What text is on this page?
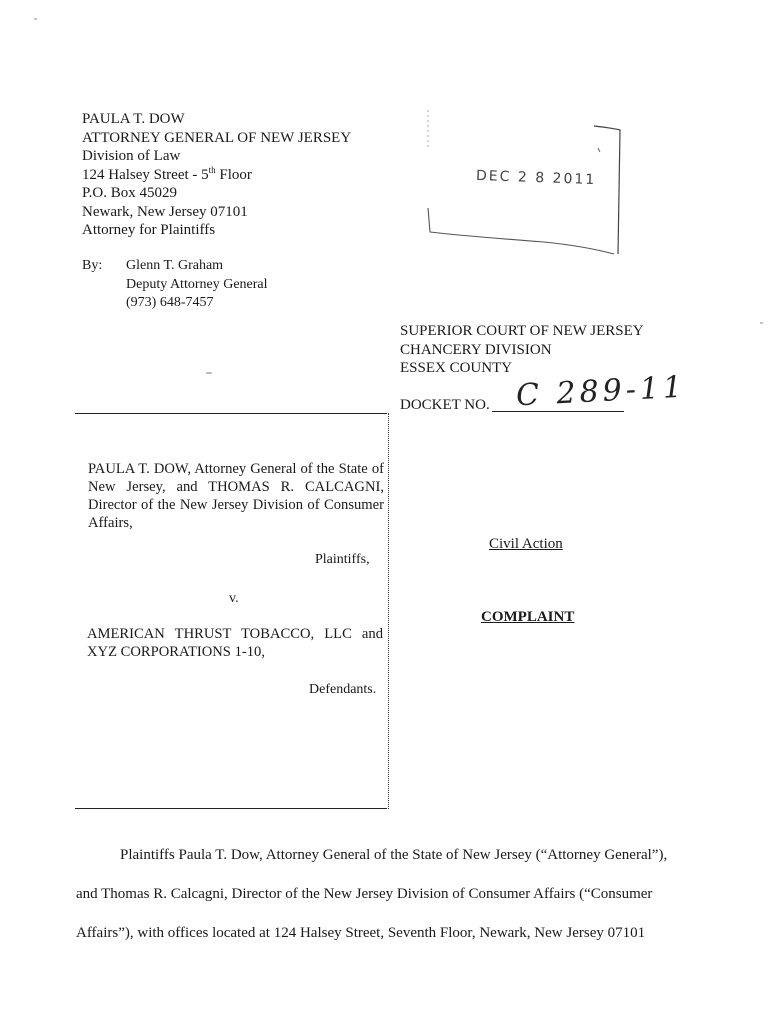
PAULA T. DOW
ATTORNEY GENERAL OF NEW JERSEY
Division of Law
124 Halsey Street - 5th Floor
P.O. Box 45029
Newark, New Jersey 07101
Attorney for Plaintiffs
DEC 2 8 2011
By: Glenn T. Graham
Deputy Attorney General
(973) 648-7457
SUPERIOR COURT OF NEW JERSEY
CHANCERY DIVISION
ESSEX COUNTY
DOCKET NO. C 289-11
PAULA T. DOW, Attorney General of the State of New Jersey, and THOMAS R. CALCAGNI, Director of the New Jersey Division of Consumer Affairs,
Plaintiffs,
v.
AMERICAN THRUST TOBACCO, LLC and XYZ CORPORATIONS 1-10,
Defendants.
Civil Action
COMPLAINT
Plaintiffs Paula T. Dow, Attorney General of the State of New Jersey (“Attorney General”),
and Thomas R. Calcagni, Director of the New Jersey Division of Consumer Affairs (“Consumer
Affairs”), with offices located at 124 Halsey Street, Seventh Floor, Newark, New Jersey 07101
